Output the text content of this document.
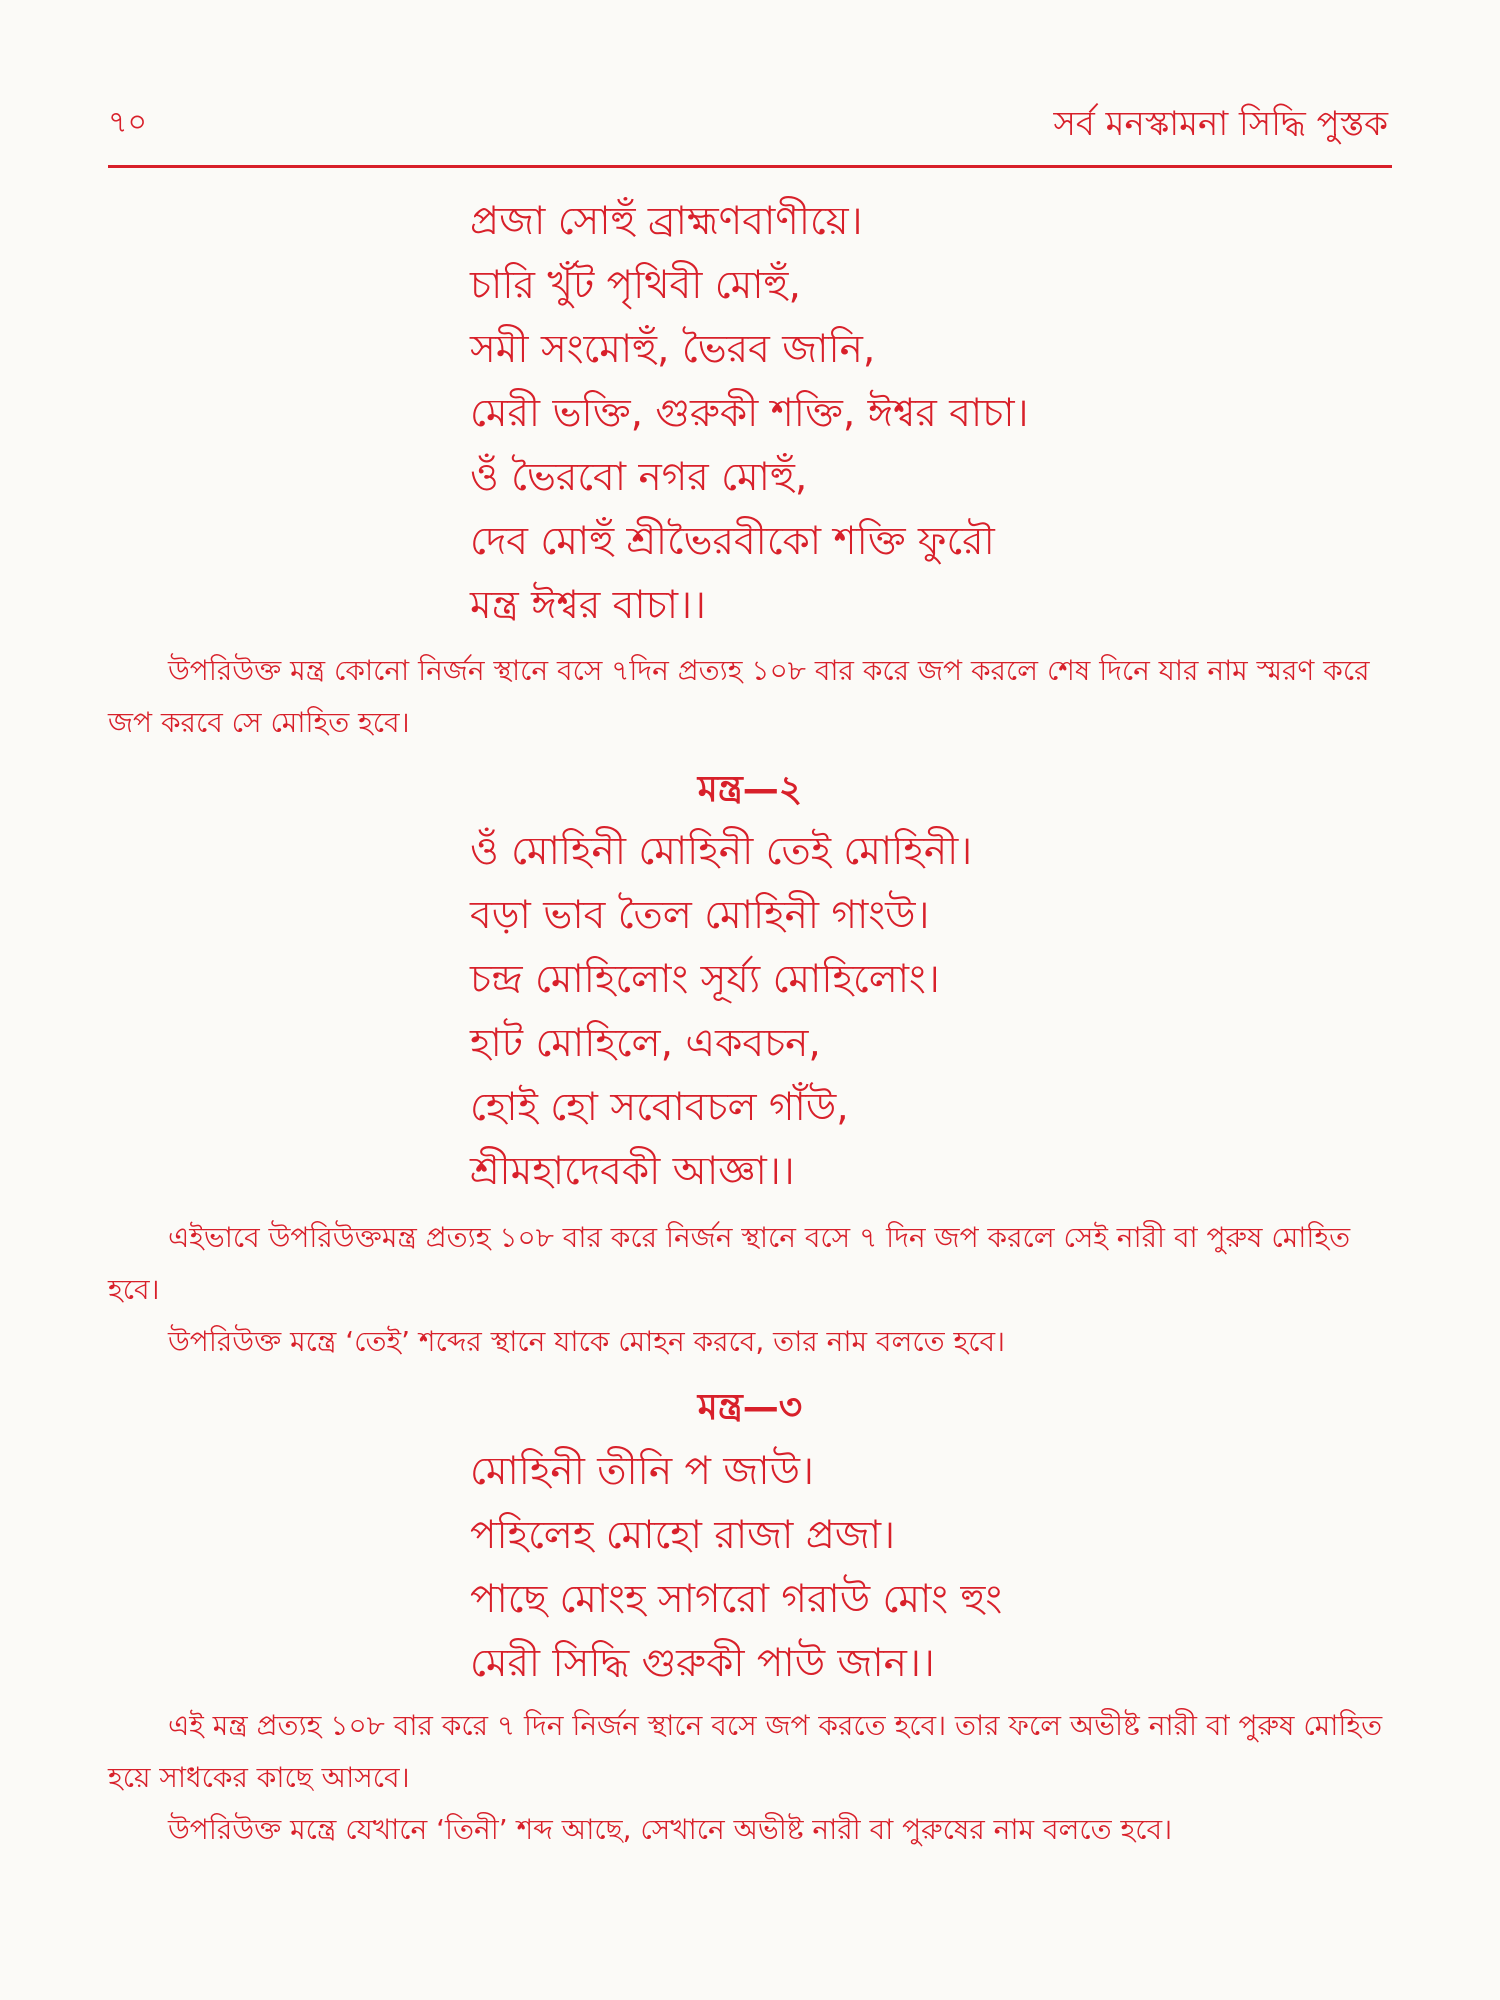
৭০	সর্ব মনস্কামনা সিদ্ধি পুস্তক
প্রজা সোহুঁ ব্রাহ্মণবাণীয়ে।
চারি খুঁট পৃথিবী মোহুঁ,
সমী সংমোহুঁ, ভৈরব জানি,
মেরী ভক্তি, গুরুকী শক্তি, ঈশ্বর বাচা।
ওঁ ভৈরবো নগর মোহুঁ,
দেব মোহুঁ শ্রীভৈরবীকো শক্তি ফুরৌ
মন্ত্র ঈশ্বর বাচা।।

উপরিউক্ত মন্ত্র কোনো নির্জন স্থানে বসে ৭দিন প্রত্যহ ১০৮ বার করে জপ করলে শেষ দিনে যার নাম স্মরণ করে জপ করবে সে মোহিত হবে।

মন্ত্র—২
ওঁ মোহিনী মোহিনী তেই মোহিনী।
বড়া ভাব তৈল মোহিনী গাংউ।
চন্দ্র মোহিলোং সূর্য্য মোহিলোং।
হাট মোহিলে, একবচন,
হোই হো সবোবচল গাঁউ,
শ্রীমহাদেবকী আজ্ঞা।।

এইভাবে উপরিউক্তমন্ত্র প্রত্যহ ১০৮ বার করে নির্জন স্থানে বসে ৭ দিন জপ করলে সেই নারী বা পুরুষ মোহিত হবে।

উপরিউক্ত মন্ত্রে ‘তেই’ শব্দের স্থানে যাকে মোহন করবে, তার নাম বলতে হবে।

মন্ত্র—৩
মোহিনী তীনি প জাউ।
পহিলেহ মোহো রাজা প্রজা।
পাছে মোংহ সাগরো গরাউ মোং হুং
মেরী সিদ্ধি গুরুকী পাউ জান।।

এই মন্ত্র প্রত্যহ ১০৮ বার করে ৭ দিন নির্জন স্থানে বসে জপ করতে হবে। তার ফলে অভীষ্ট নারী বা পুরুষ মোহিত হয়ে সাধকের কাছে আসবে।

উপরিউক্ত মন্ত্রে যেখানে ‘তিনী’ শব্দ আছে, সেখানে অভীষ্ট নারী বা পুরুষের নাম বলতে হবে।
